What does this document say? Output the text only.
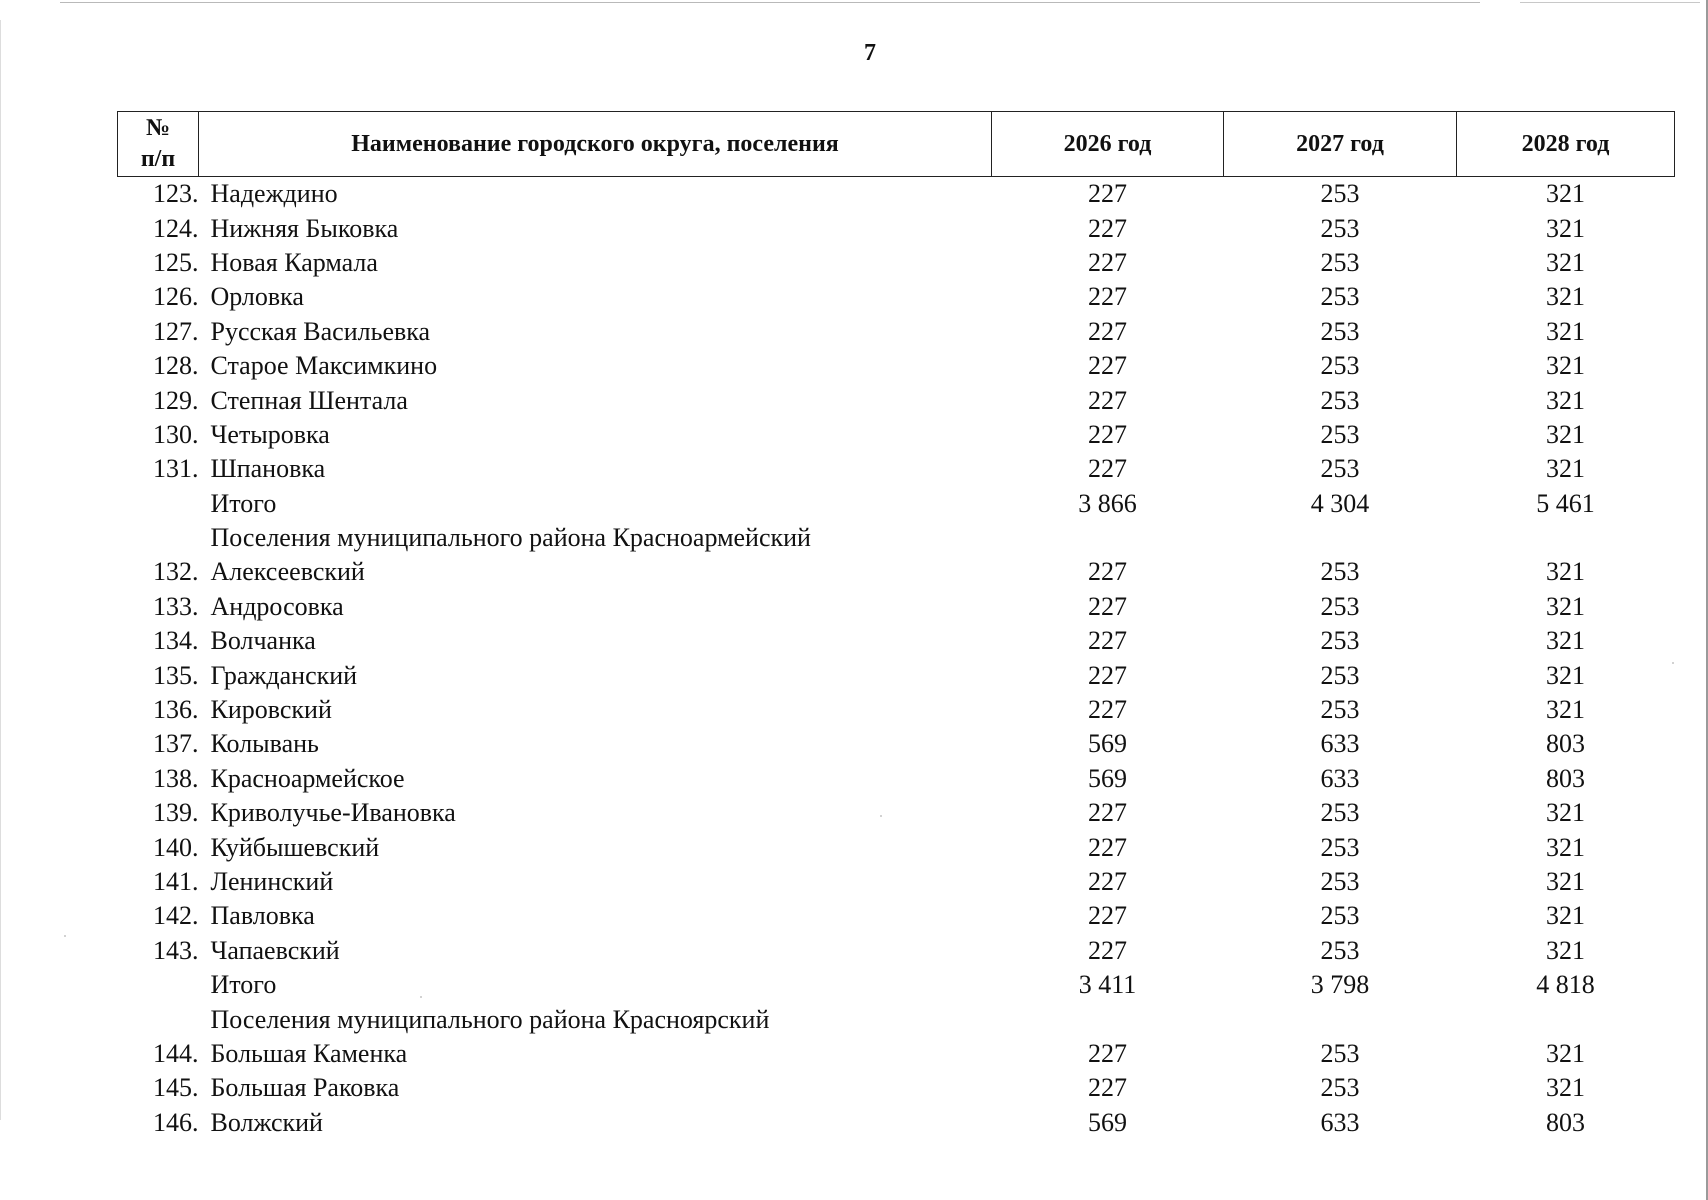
7
№
п/п	Наименование городского округа, поселения	2026 год	2027 год	2028 год
123.	Надеждино	227	253	321
124.	Нижняя Быковка	227	253	321
125.	Новая Кармала	227	253	321
126.	Орловка	227	253	321
127.	Русская Васильевка	227	253	321
128.	Старое Максимкино	227	253	321
129.	Степная Шентала	227	253	321
130.	Четыровка	227	253	321
131.	Шпановка	227	253	321
	Итого	3 866	4 304	5 461
	Поселения муниципального района Красноармейский			
132.	Алексеевский	227	253	321
133.	Андросовка	227	253	321
134.	Волчанка	227	253	321
135.	Гражданский	227	253	321
136.	Кировский	227	253	321
137.	Колывань	569	633	803
138.	Красноармейское	569	633	803
139.	Криволучье-Ивановка	227	253	321
140.	Куйбышевский	227	253	321
141.	Ленинский	227	253	321
142.	Павловка	227	253	321
143.	Чапаевский	227	253	321
	Итого	3 411	3 798	4 818
	Поселения муниципального района Красноярский			
144.	Большая Каменка	227	253	321
145.	Большая Раковка	227	253	321
146.	Волжский	569	633	803
